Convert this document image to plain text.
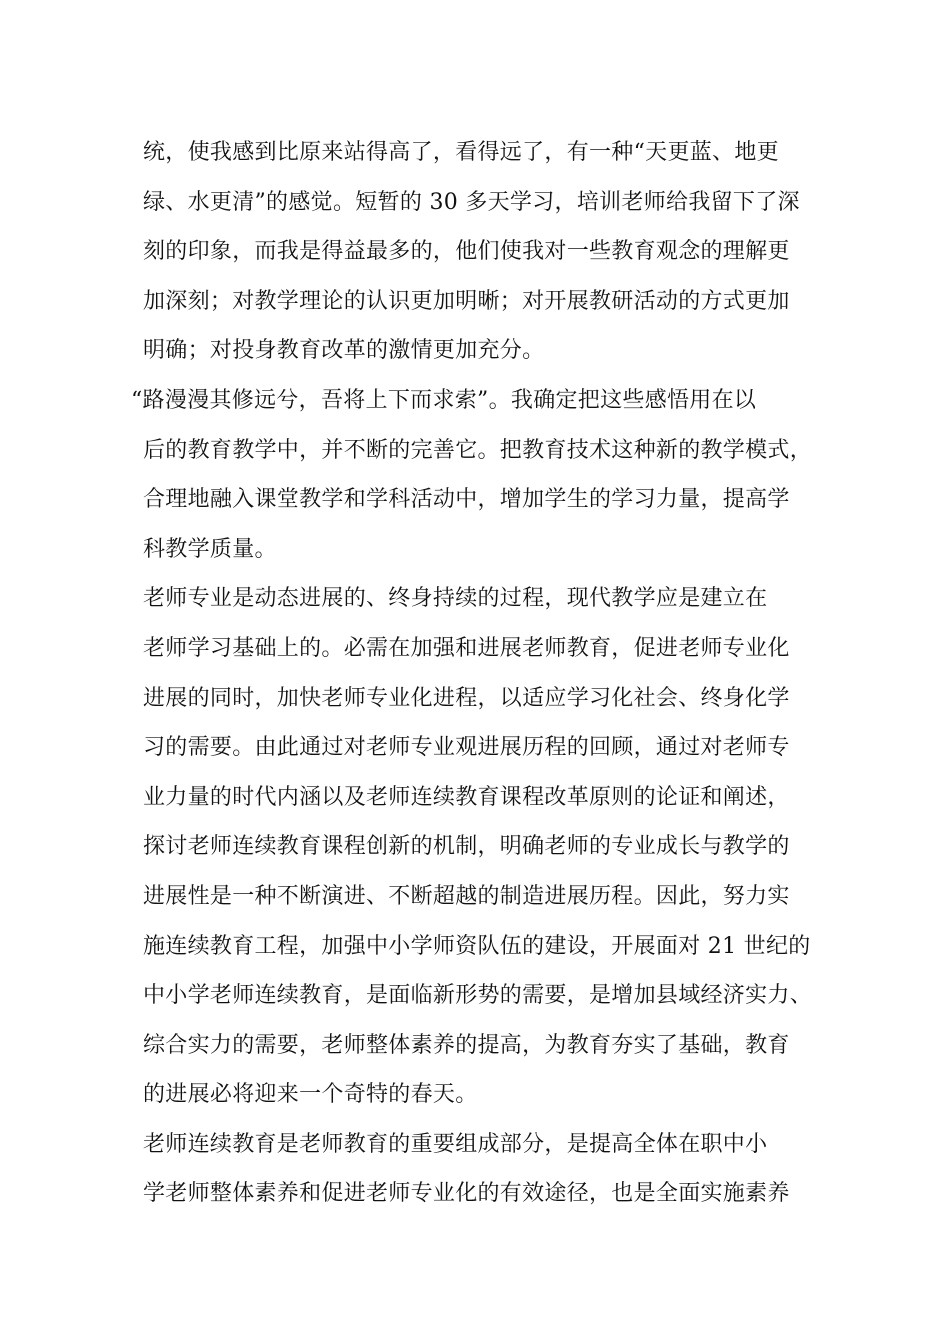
统，使我感到比原来站得高了，看得远了，有一种“天更蓝、地更
绿、水更清”的感觉。短暂的 30 多天学习，培训老师给我留下了深
刻的印象，而我是得益最多的，他们使我对一些教育观念的理解更
加深刻；对教学理论的认识更加明晰；对开展教研活动的方式更加
明确；对投身教育改革的激情更加充分。
“路漫漫其修远兮，吾将上下而求索”。我确定把这些感悟用在以
后的教育教学中，并不断的完善它。把教育技术这种新的教学模式，
合理地融入课堂教学和学科活动中，增加学生的学习力量，提高学
科教学质量。
老师专业是动态进展的、终身持续的过程，现代教学应是建立在
老师学习基础上的。必需在加强和进展老师教育，促进老师专业化
进展的同时，加快老师专业化进程，以适应学习化社会、终身化学
习的需要。由此通过对老师专业观进展历程的回顾，通过对老师专
业力量的时代内涵以及老师连续教育课程改革原则的论证和阐述，
探讨老师连续教育课程创新的机制，明确老师的专业成长与教学的
进展性是一种不断演进、不断超越的制造进展历程。因此，努力实
施连续教育工程，加强中小学师资队伍的建设，开展面对 21 世纪的
中小学老师连续教育，是面临新形势的需要，是增加县域经济实力、
综合实力的需要，老师整体素养的提高，为教育夯实了基础，教育
的进展必将迎来一个奇特的春天。
老师连续教育是老师教育的重要组成部分，是提高全体在职中小
学老师整体素养和促进老师专业化的有效途径，也是全面实施素养
